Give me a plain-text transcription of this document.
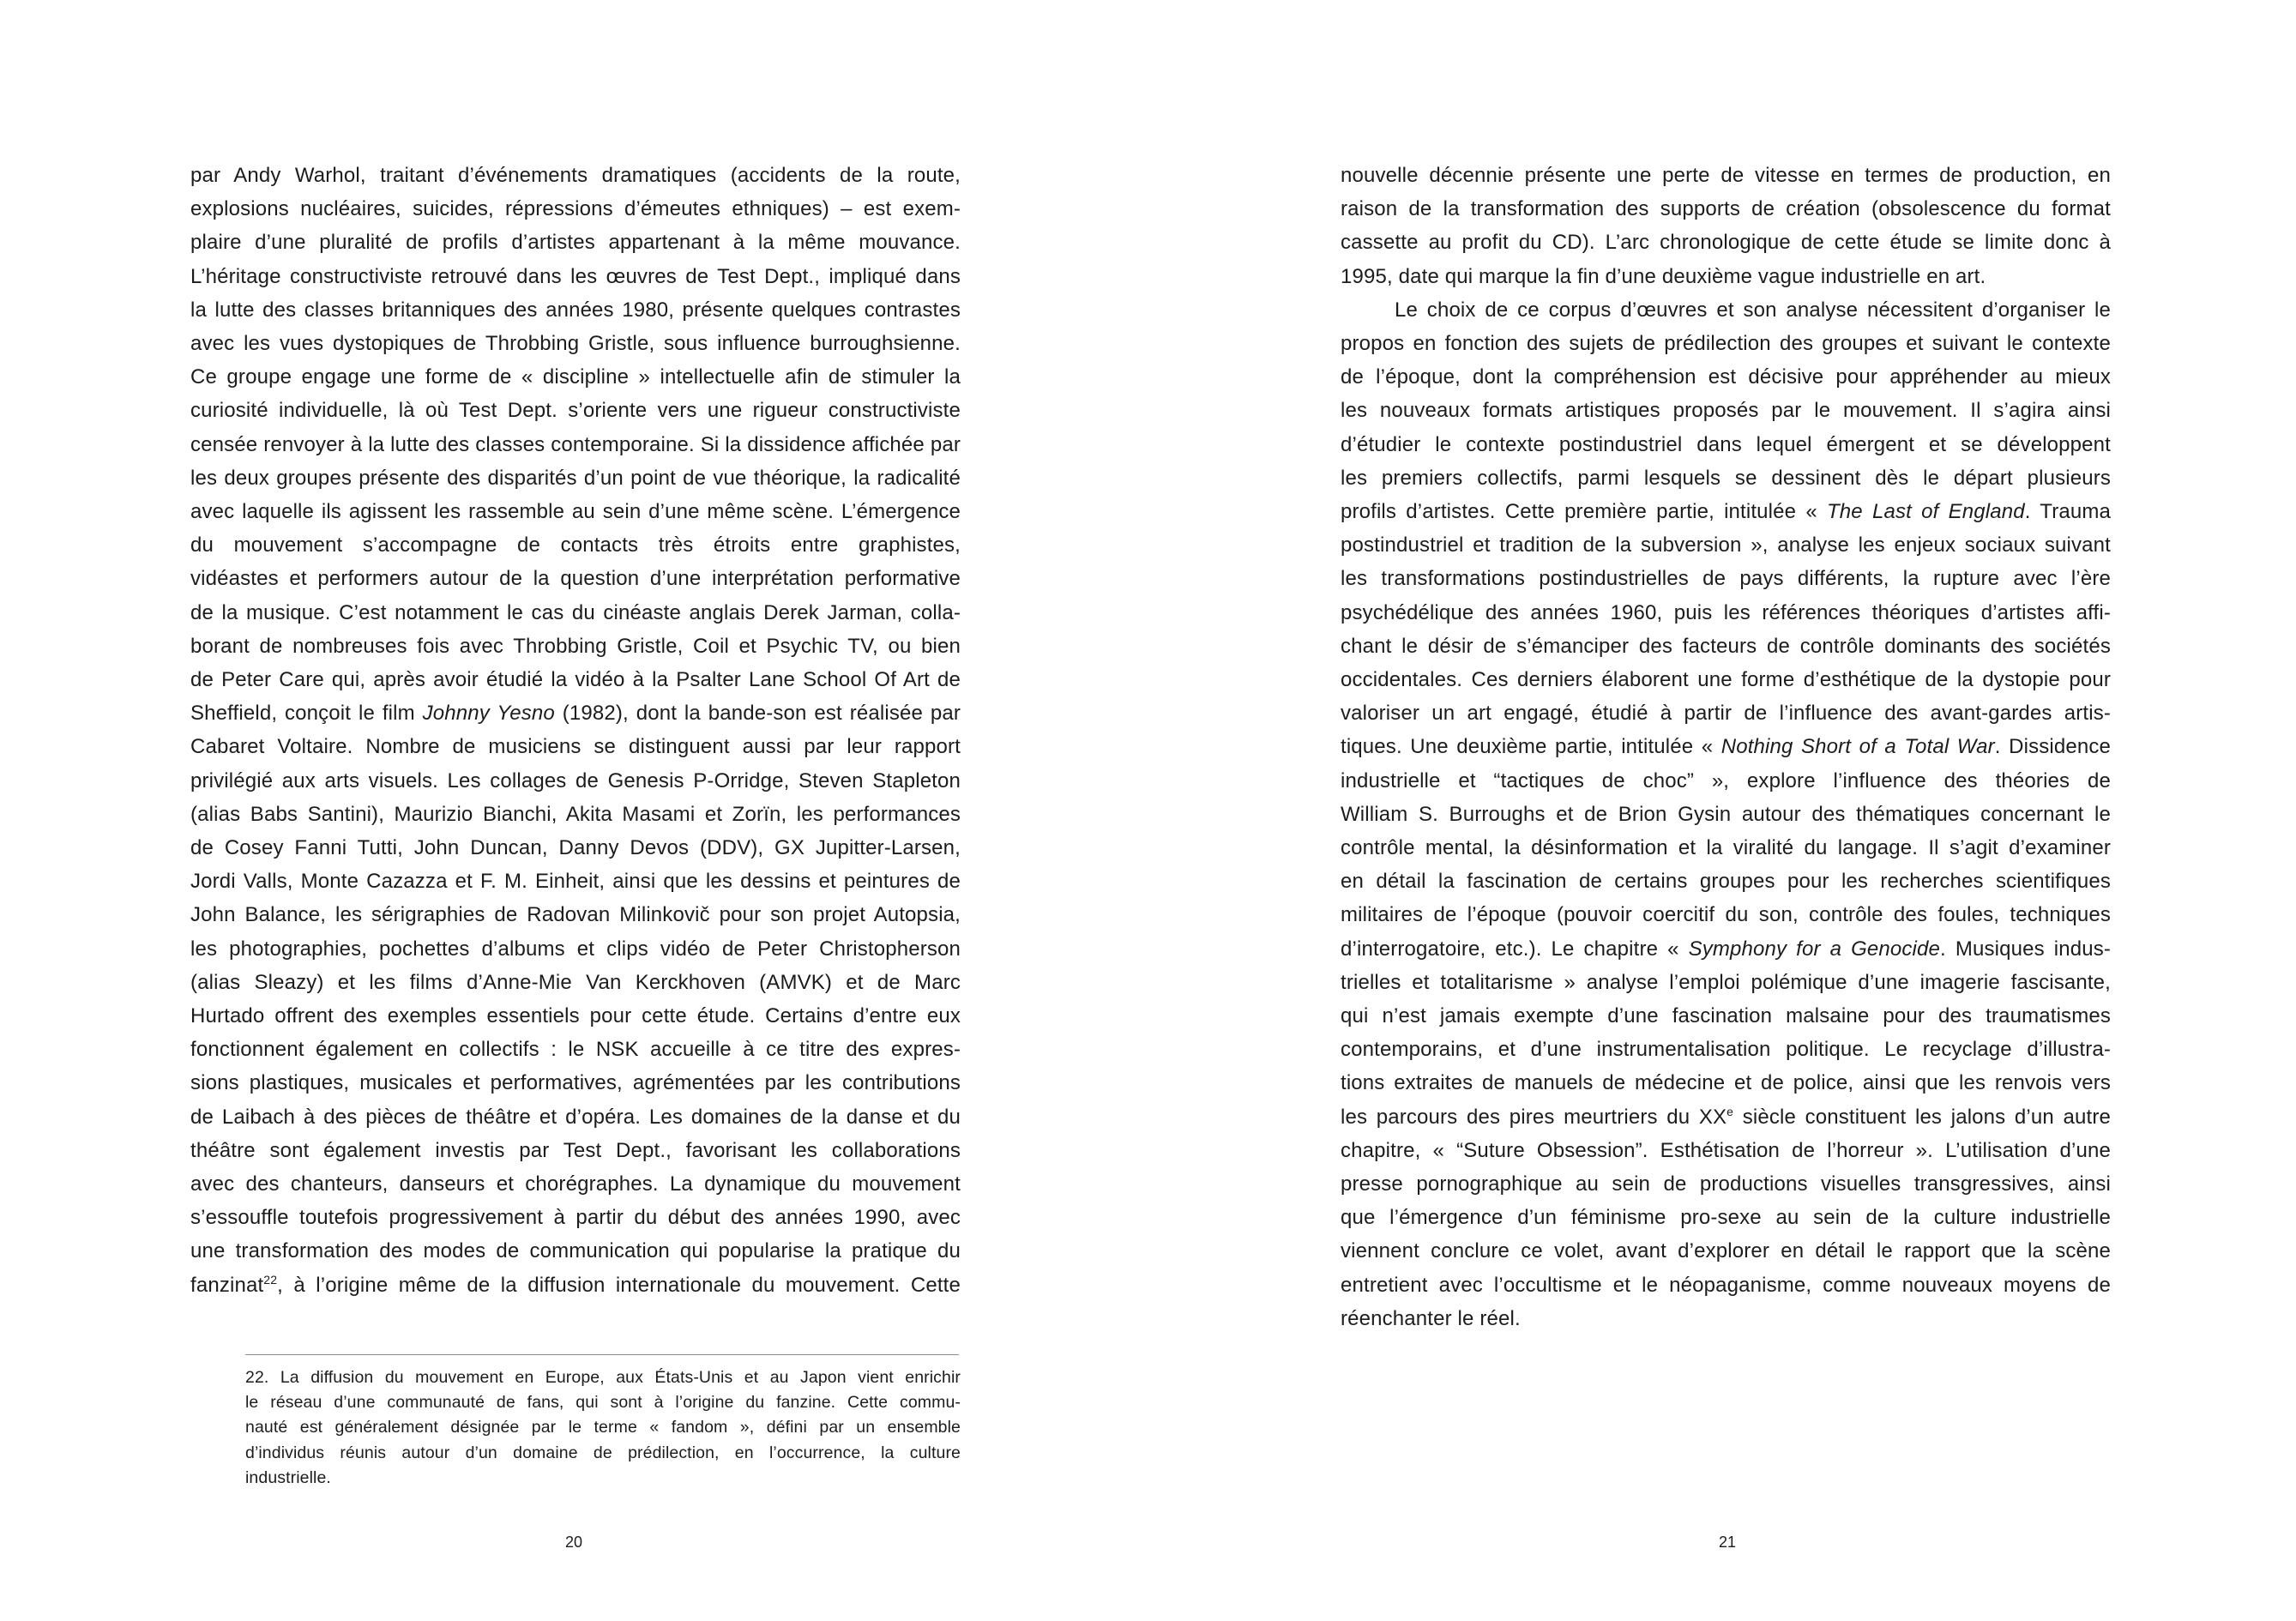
par Andy Warhol, traitant d’événements dramatiques (accidents de la route,
explosions nucléaires, suicides, répressions d’émeutes ethniques) – est exem-
plaire d’une pluralité de profils d’artistes appartenant à la même mouvance.
L’héritage constructiviste retrouvé dans les œuvres de Test Dept., impliqué dans
la lutte des classes britanniques des années 1980, présente quelques contrastes
avec les vues dystopiques de Throbbing Gristle, sous influence burroughsienne.
Ce groupe engage une forme de « discipline » intellectuelle afin de stimuler la
curiosité individuelle, là où Test Dept. s’oriente vers une rigueur constructiviste
censée renvoyer à la lutte des classes contemporaine. Si la dissidence affichée par
les deux groupes présente des disparités d’un point de vue théorique, la radicalité
avec laquelle ils agissent les rassemble au sein d’une même scène. L’émergence
du mouvement s’accompagne de contacts très étroits entre graphistes,
vidéastes et performers autour de la question d’une interprétation performative
de la musique. C’est notamment le cas du cinéaste anglais Derek Jarman, colla-
borant de nombreuses fois avec Throbbing Gristle, Coil et Psychic TV, ou bien
de Peter Care qui, après avoir étudié la vidéo à la Psalter Lane School Of Art de
Sheffield, conçoit le film Johnny Yesno (1982), dont la bande-son est réalisée par
Cabaret Voltaire. Nombre de musiciens se distinguent aussi par leur rapport
privilégié aux arts visuels. Les collages de Genesis P-Orridge, Steven Stapleton
(alias Babs Santini), Maurizio Bianchi, Akita Masami et Zorïn, les performances
de Cosey Fanni Tutti, John Duncan, Danny Devos (DDV), GX Jupitter-Larsen,
Jordi Valls, Monte Cazazza et F. M. Einheit, ainsi que les dessins et peintures de
John Balance, les sérigraphies de Radovan Milinkovič pour son projet Autopsia,
les photographies, pochettes d’albums et clips vidéo de Peter Christopherson
(alias Sleazy) et les films d’Anne-Mie Van Kerckhoven (AMVK) et de Marc
Hurtado offrent des exemples essentiels pour cette étude. Certains d’entre eux
fonctionnent également en collectifs : le NSK accueille à ce titre des expres-
sions plastiques, musicales et performatives, agrémentées par les contributions
de Laibach à des pièces de théâtre et d’opéra. Les domaines de la danse et du
théâtre sont également investis par Test Dept., favorisant les collaborations
avec des chanteurs, danseurs et chorégraphes. La dynamique du mouvement
s’essouffle toutefois progressivement à partir du début des années 1990, avec
une transformation des modes de communication qui popularise la pratique du
fanzinat$^{22}$, à l’origine même de la diffusion internationale du mouvement. Cette
22. La diffusion du mouvement en Europe, aux États-Unis et au Japon vient enrichir
le réseau d’une communauté de fans, qui sont à l’origine du fanzine. Cette commu-
nauté est généralement désignée par le terme « fandom », défini par un ensemble
d’individus réunis autour d’un domaine de prédilection, en l’occurrence, la culture
industrielle.
20
nouvelle décennie présente une perte de vitesse en termes de production, en
raison de la transformation des supports de création (obsolescence du format
cassette au profit du CD). L’arc chronologique de cette étude se limite donc à
1995, date qui marque la fin d’une deuxième vague industrielle en art.
Le choix de ce corpus d’œuvres et son analyse nécessitent d’organiser le
propos en fonction des sujets de prédilection des groupes et suivant le contexte
de l’époque, dont la compréhension est décisive pour appréhender au mieux
les nouveaux formats artistiques proposés par le mouvement. Il s’agira ainsi
d’étudier le contexte postindustriel dans lequel émergent et se développent
les premiers collectifs, parmi lesquels se dessinent dès le départ plusieurs
profils d’artistes. Cette première partie, intitulée « The Last of England. Trauma
postindustriel et tradition de la subversion », analyse les enjeux sociaux suivant
les transformations postindustrielles de pays différents, la rupture avec l’ère
psychédélique des années 1960, puis les références théoriques d’artistes affi-
chant le désir de s’émanciper des facteurs de contrôle dominants des sociétés
occidentales. Ces derniers élaborent une forme d’esthétique de la dystopie pour
valoriser un art engagé, étudié à partir de l’influence des avant-gardes artis-
tiques. Une deuxième partie, intitulée « Nothing Short of a Total War. Dissidence
industrielle et “tactiques de choc” », explore l’influence des théories de
William S. Burroughs et de Brion Gysin autour des thématiques concernant le
contrôle mental, la désinformation et la viralité du langage. Il s’agit d’examiner
en détail la fascination de certains groupes pour les recherches scientifiques
militaires de l’époque (pouvoir coercitif du son, contrôle des foules, techniques
d’interrogatoire, etc.). Le chapitre « Symphony for a Genocide. Musiques indus-
trielles et totalitarisme » analyse l’emploi polémique d’une imagerie fascisante,
qui n’est jamais exempte d’une fascination malsaine pour des traumatismes
contemporains, et d’une instrumentalisation politique. Le recyclage d’illustra-
tions extraites de manuels de médecine et de police, ainsi que les renvois vers
les parcours des pires meurtriers du XXe siècle constituent les jalons d’un autre
chapitre, « “Suture Obsession”. Esthétisation de l’horreur ». L’utilisation d’une
presse pornographique au sein de productions visuelles transgressives, ainsi
que l’émergence d’un féminisme pro-sexe au sein de la culture industrielle
viennent conclure ce volet, avant d’explorer en détail le rapport que la scène
entretient avec l’occultisme et le néopaganisme, comme nouveaux moyens de
réenchanter le réel.
21
